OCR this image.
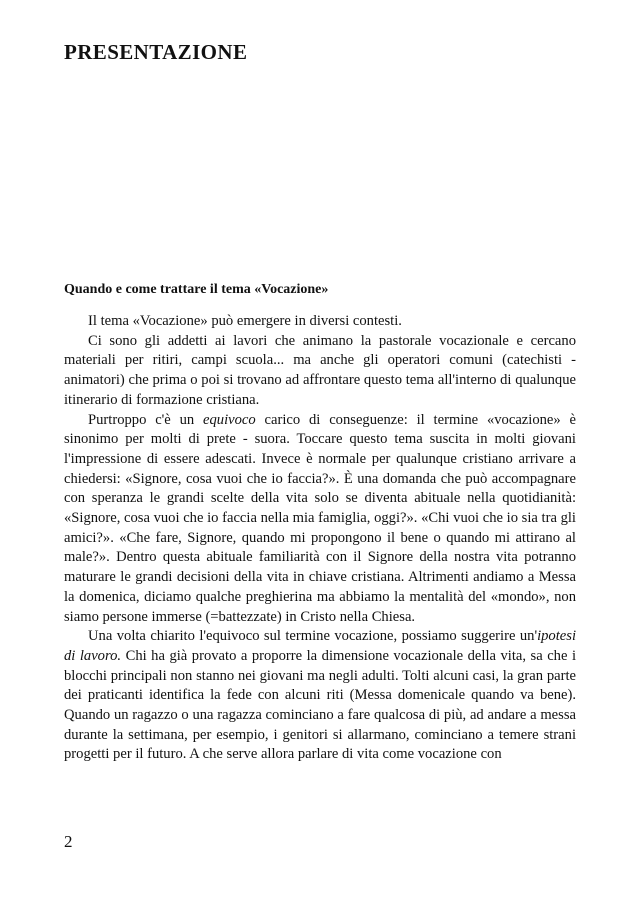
PRESENTAZIONE
Quando e come trattare il tema «Vocazione»

Il tema «Vocazione» può emergere in diversi contesti.

Ci sono gli addetti ai lavori che animano la pastorale vocazionale e cercano materiali per ritiri, campi scuola... ma anche gli operatori comuni (catechisti - animatori) che prima o poi si trovano ad affrontare questo tema all'interno di qualunque itinerario di formazione cristiana.

Purtroppo c'è un equivoco carico di conseguenze: il termine «vocazione» è sinonimo per molti di prete - suora. Toccare questo tema suscita in molti giovani l'impressione di essere adescati. Invece è normale per qualunque cristiano arrivare a chiedersi: «Signore, cosa vuoi che io faccia?». È una domanda che può accompagnare con speranza le grandi scelte della vita solo se diventa abituale nella quotidianità: «Signore, cosa vuoi che io faccia nella mia famiglia, oggi?». «Chi vuoi che io sia tra gli amici?». «Che fare, Signore, quando mi propongono il bene o quando mi attirano al male?». Dentro questa abituale familiarità con il Signore della nostra vita potranno maturare le grandi decisioni della vita in chiave cristiana. Altrimenti andiamo a Messa la domenica, diciamo qualche preghierina ma abbiamo la mentalità del «mondo», non siamo persone immerse (=battezzate) in Cristo nella Chiesa.

Una volta chiarito l'equivoco sul termine vocazione, possiamo suggerire un'ipotesi di lavoro. Chi ha già provato a proporre la dimensione vocazionale della vita, sa che i blocchi principali non stanno nei giovani ma negli adulti. Tolti alcuni casi, la gran parte dei praticanti identifica la fede con alcuni riti (Messa domenicale quando va bene). Quando un ragazzo o una ragazza cominciano a fare qualcosa di più, ad andare a messa durante la settimana, per esempio, i genitori si allarmano, cominciano a temere strani progetti per il futuro. A che serve allora parlare di vita come vocazione con

2
